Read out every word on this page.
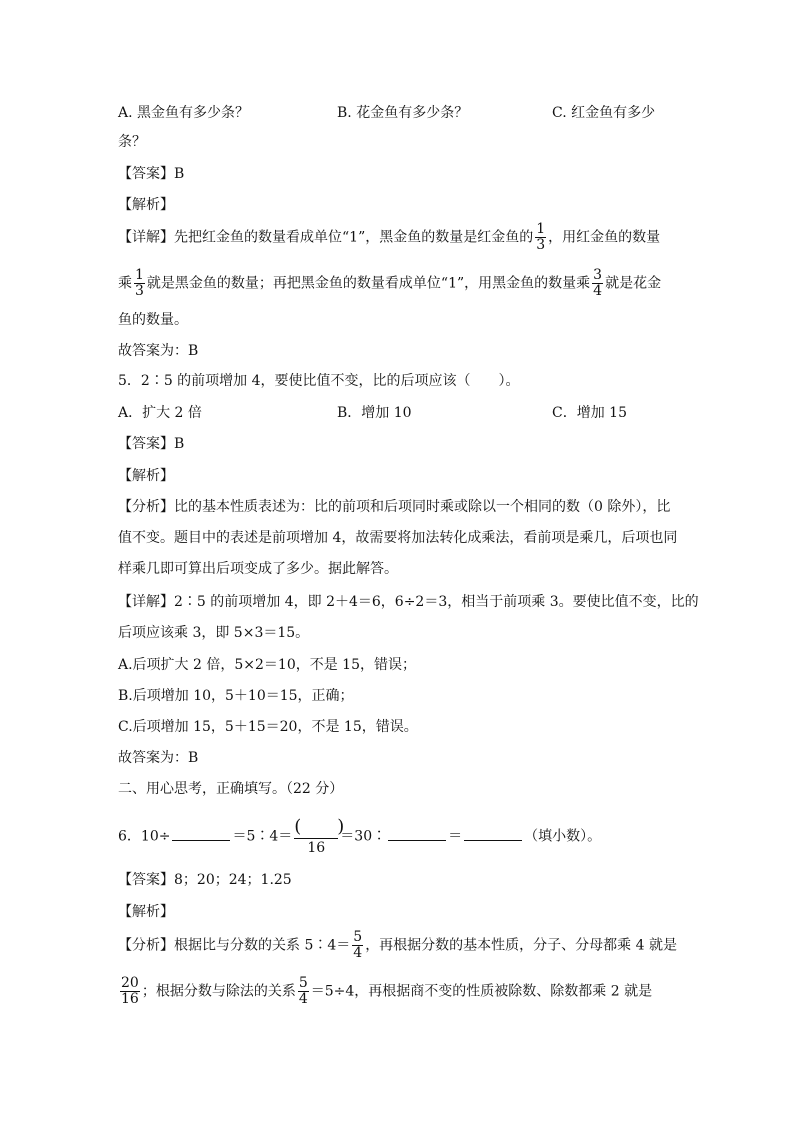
A. 黑金鱼有多少条？	B. 花金鱼有多少条？	C. 红金鱼有多少
条？
【答案】B
【解析】
【详解】先把红金鱼的数量看成单位“1”，黑金鱼的数量是红金鱼的 $\frac{1}{3}$ ，用红金鱼的数量
乘 $\frac{1}{3}$ 就是黑金鱼的数量；再把黑金鱼的数量看成单位“1”，用黑金鱼的数量乘 $\frac{3}{4}$ 就是花金
鱼的数量。
故答案为：B
5．2∶5 的前项增加 4，要使比值不变，比的后项应该（　　）。
A．扩大 2 倍	B．增加 10	C．增加 15
【答案】B
【解析】
【分析】比的基本性质表述为：比的前项和后项同时乘或除以一个相同的数（0 除外），比
值不变。题目中的表述是前项增加 4，故需要将加法转化成乘法，看前项是乘几，后项也同
样乘几即可算出后项变成了多少。据此解答。
【详解】2∶5 的前项增加 4，即 2＋4＝6，6÷2＝3，相当于前项乘 3。要使比值不变，比的
后项应该乘 3，即 5×3＝15。
A.后项扩大 2 倍，5×2＝10，不是 15，错误；
B.后项增加 10，5＋10＝15，正确；
C.后项增加 15，5＋15＝20，不是 15，错误。
故答案为：B
二、用心思考，正确填写。（22 分）
6．10÷	＝5∶4＝ (　　)
16
＝30∶	＝	（填小数）。
【答案】8；20；24；1.25
【解析】
【分析】根据比与分数的关系 5∶4＝ $\frac{5}{4}$ ，再根据分数的基本性质，分子、分母都乘 4 就是
$\frac{20}{16}$ ；根据分数与除法的关系 $\frac{5}{4} =5\div 4$，再根据商不变的性质被除数、除数都乘 2 就是
